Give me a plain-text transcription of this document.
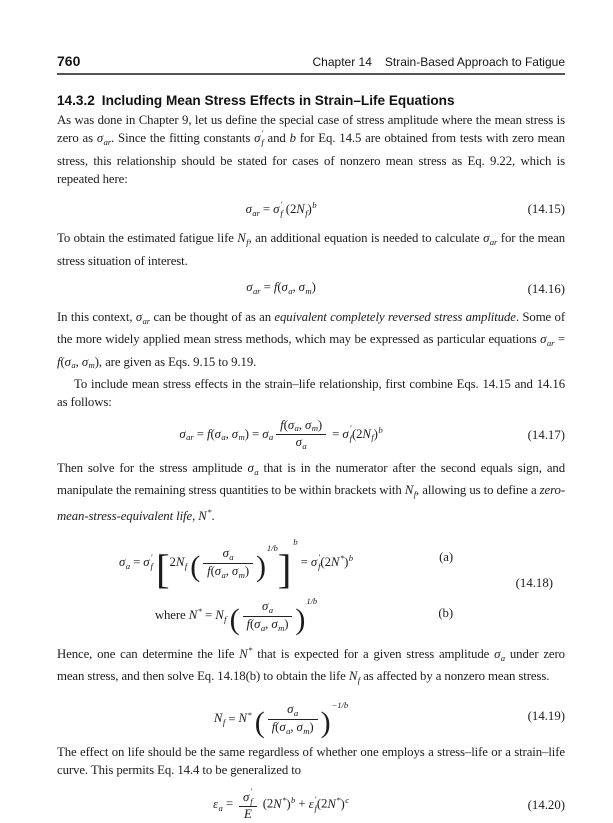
760	Chapter 14 Strain-Based Approach to Fatigue
14.3.2 Including Mean Stress Effects in Strain–Life Equations

As was done in Chapter 9, let us define the special case of stress amplitude where the mean stress is zero as $\sigma_{ar}$. Since the fitting constants σ ′
f and b for Eq. 14.5 are obtained from tests with zero mean stress, this relationship should be stated for cases of nonzero mean stress as Eq. 9.22, which is repeated here:

$\sigma_{ar} = \sigma$ ′
f $(2N_f)^b$	(14.15)

To obtain the estimated fatigue life $N_f$, an additional equation is needed to calculate $\sigma_{ar}$ for the mean stress situation of interest.

$\sigma_{ar} = f(\sigma_a$, $\sigma_m$)	(14.16)

In this context, $\sigma_{ar}$ can be thought of as an equivalent completely reversed stress amplitude. Some of the more widely applied mean stress methods, which may be expressed as particular equations $\sigma_{ar} = f(\sigma_a$, $\sigma_m$), are given as Eqs. 9.15 to 9.19.

To include mean stress effects in the strain–life relationship, first combine Eqs. 14.15 and 14.16 as follows:

$\sigma_{ar} = f(\sigma_a$, $\sigma_m) = \sigma_a \frac{f(\sigma_a, \sigma_m)}{\sigma_a} = \sigma$ ′
f $(2N_f)^b$	(14.17)

Then solve for the stress amplitude $\sigma_a$ that is in the numerator after the second equals sign, and manipulate the remaining stress quantities to be within brackets with $N_f$, allowing us to define a zero-mean-stress-equivalent life, N*.

$\sigma_a = \sigma$ ′
f [$2N_f$ ( $\frac{\sigma_a}{f(\sigma_a, \sigma_m)} )^{1/b}]^b = \sigma$ ′
f $(2N^*)^b$	(a)
where $N^* = N_f$ ( $\frac{\sigma_a}{f(\sigma_a, \sigma_m)} )^{1/b}$
(b)
(14.18)

Hence, one can determine the life N* that is expected for a given stress amplitude $\sigma_a$ under zero mean stress, and then solve Eq. 14.18(b) to obtain the life $N_f$ as affected by a nonzero mean stress.

$N_f = N^*$ ( $\frac{\sigma_a}{f(\sigma_a, \sigma_m)} )^{-1/b}$
(14.19)

The effect on life should be the same regardless of whether one employs a stress–life or a strain–life curve. This permits Eq. 14.4 to be generalized to

$\varepsilon_a = \sigma$ ′
f
E $(2N^*)^b + \varepsilon$ ′
f $(2N^*)^c$	(14.20)
